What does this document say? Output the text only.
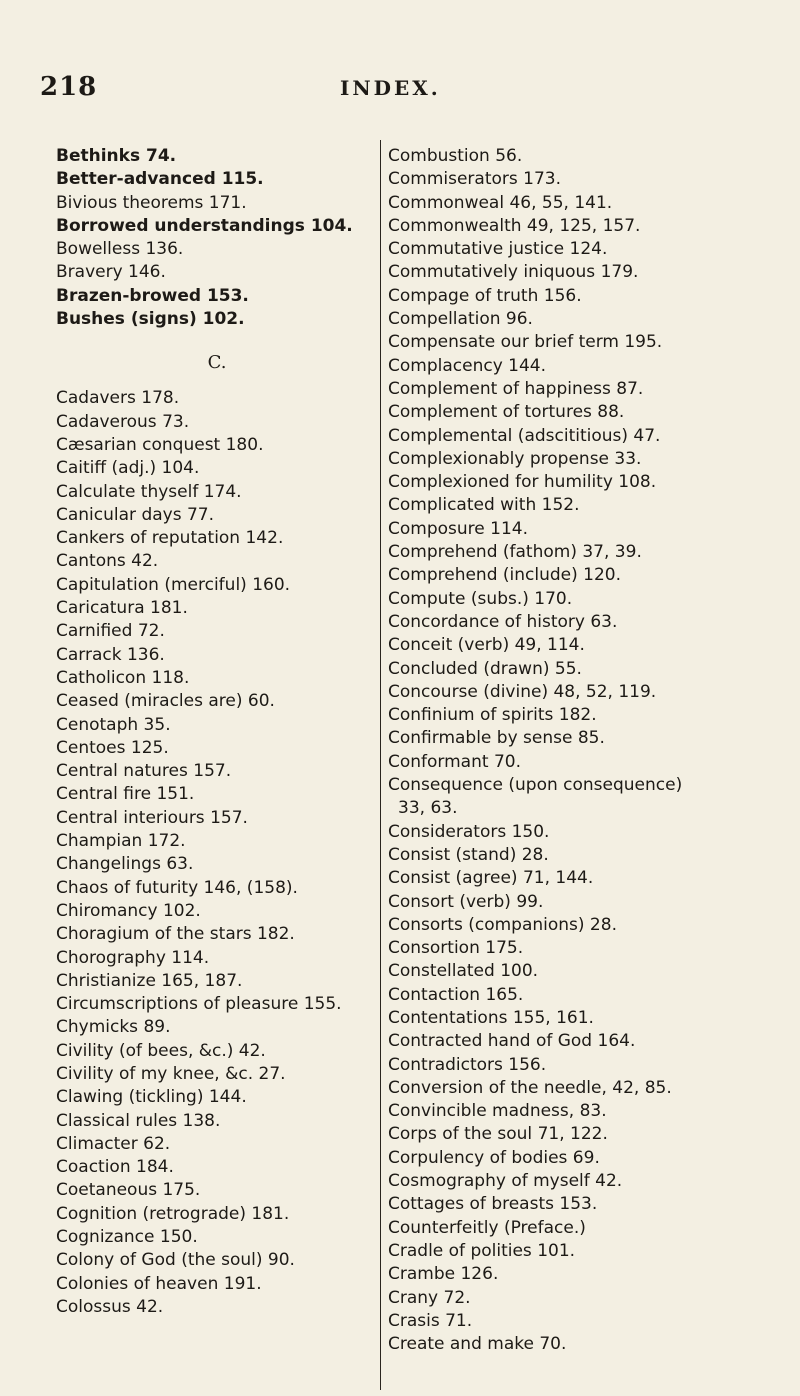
218	INDEX.
Bethinks 74.
Better-advanced 115.
Bivious theorems 171.
Borrowed understandings 104.
Bowelless 136.
Bravery 146.
Brazen-browed 153.
Bushes (signs) 102.
C.
Cadavers 178.
Cadaverous 73.
Cæsarian conquest 180.
Caitiff (adj.) 104.
Calculate thyself 174.
Canicular days 77.
Cankers of reputation 142.
Cantons 42.
Capitulation (merciful) 160.
Caricatura 181.
Carnified 72.
Carrack 136.
Catholicon 118.
Ceased (miracles are) 60.
Cenotaph 35.
Centoes 125.
Central natures 157.
Central fire 151.
Central interiours 157.
Champian 172.
Changelings 63.
Chaos of futurity 146, (158).
Chiromancy 102.
Choragium of the stars 182.
Chorography 114.
Christianize 165, 187.
Circumscriptions of pleasure 155.
Chymicks 89.
Civility (of bees, &c.) 42.
Civility of my knee, &c. 27.
Clawing (tickling) 144.
Classical rules 138.
Climacter 62.
Coaction 184.
Coetaneous 175.
Cognition (retrograde) 181.
Cognizance 150.
Colony of God (the soul) 90.
Colonies of heaven 191.
Colossus 42.
Combustion 56.
Commiserators 173.
Commonweal 46, 55, 141.
Commonwealth 49, 125, 157.
Commutative justice 124.
Commutatively iniquous 179.
Compage of truth 156.
Compellation 96.
Compensate our brief term 195.
Complacency 144.
Complement of happiness 87.
Complement of tortures 88.
Complemental (adscititious) 47.
Complexionably propense 33.
Complexioned for humility 108.
Complicated with 152.
Composure 114.
Comprehend (fathom) 37, 39.
Comprehend (include) 120.
Compute (subs.) 170.
Concordance of history 63.
Conceit (verb) 49, 114.
Concluded (drawn) 55.
Concourse (divine) 48, 52, 119.
Confinium of spirits 182.
Confirmable by sense 85.
Conformant 70.
Consequence (upon consequence)
33, 63.
Considerators 150.
Consist (stand) 28.
Consist (agree) 71, 144.
Consort (verb) 99.
Consorts (companions) 28.
Consortion 175.
Constellated 100.
Contaction 165.
Contentations 155, 161.
Contracted hand of God 164.
Contradictors 156.
Conversion of the needle, 42, 85.
Convincible madness, 83.
Corps of the soul 71, 122.
Corpulency of bodies 69.
Cosmography of myself 42.
Cottages of breasts 153.
Counterfeitly (Preface.)
Cradle of polities 101.
Crambe 126.
Crany 72.
Crasis 71.
Create and make 70.
